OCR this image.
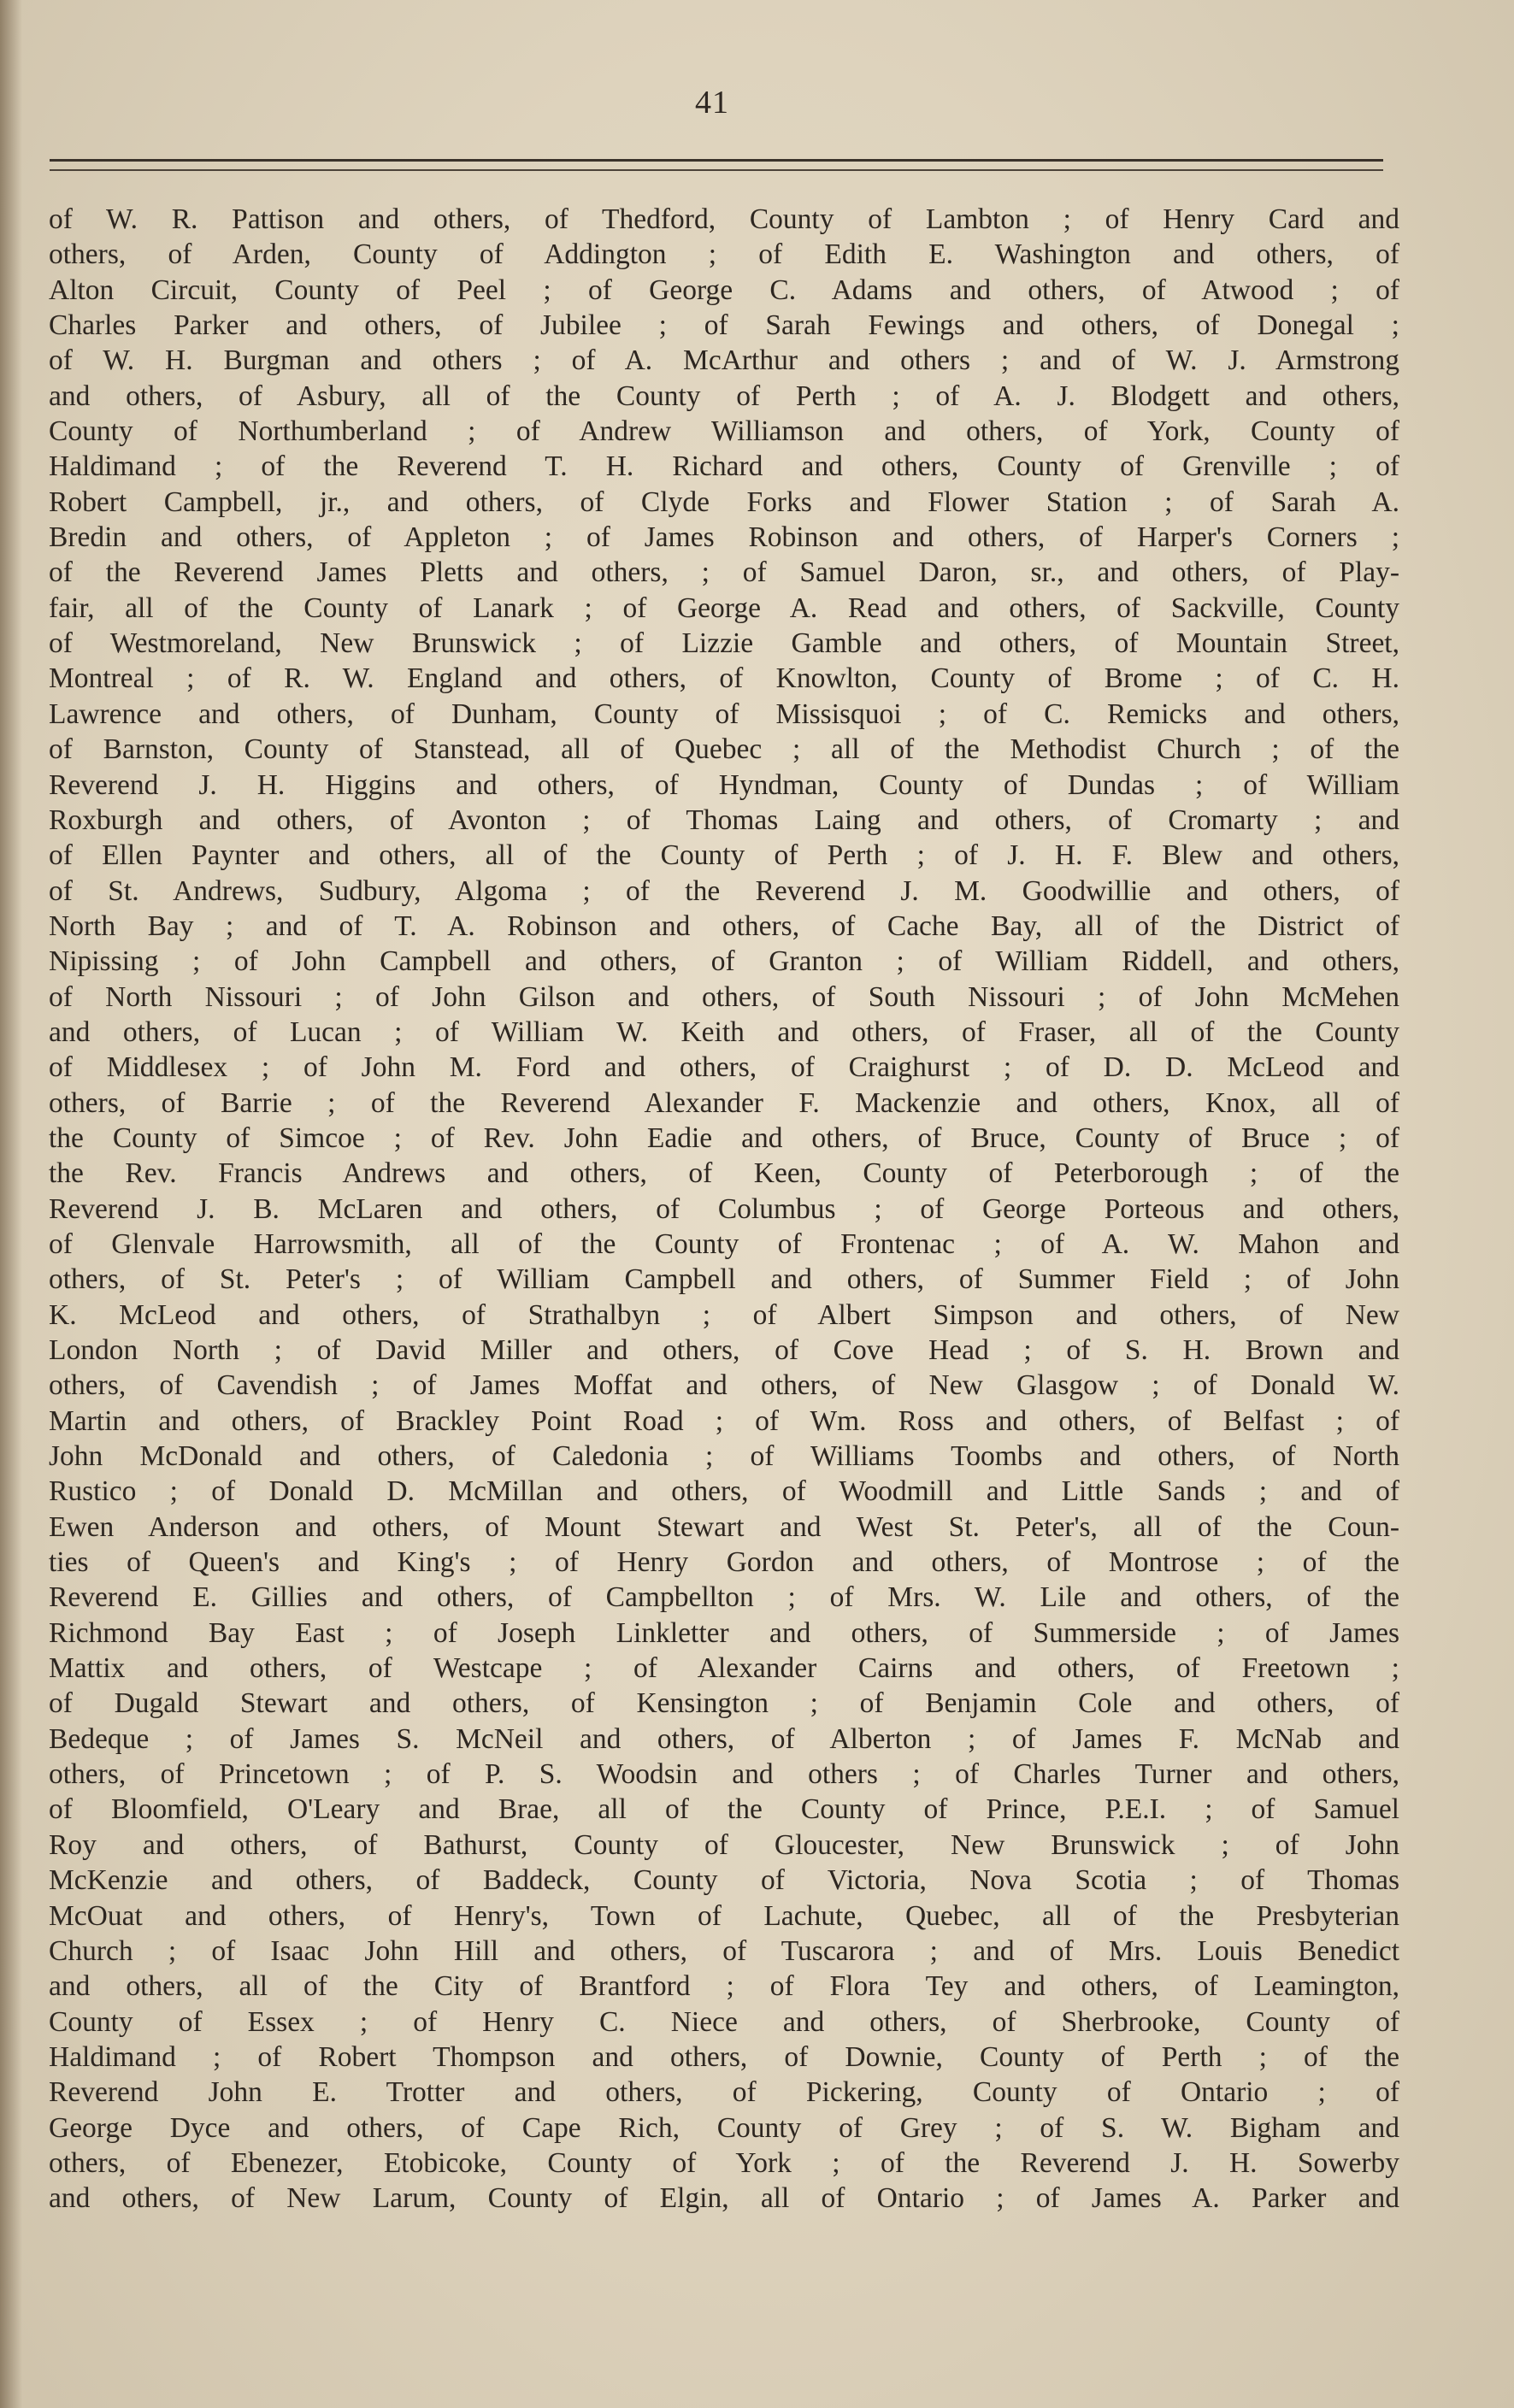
41
of W. R. Pattison and others, of Thedford, County of Lambton ; of Henry Card and
others, of Arden, County of Addington ; of Edith E. Washington and others, of
Alton Circuit, County of Peel ; of George C. Adams and others, of Atwood ; of
Charles Parker and others, of Jubilee ; of Sarah Fewings and others, of Donegal ;
of W. H. Burgman and others ; of A. McArthur and others ; and of W. J. Armstrong
and others, of Asbury, all of the County of Perth ; of A. J. Blodgett and others,
County of Northumberland ; of Andrew Williamson and others, of York, County of
Haldimand ; of the Reverend T. H. Richard and others, County of Grenville ; of
Robert Campbell, jr., and others, of Clyde Forks and Flower Station ; of Sarah A.
Bredin and others, of Appleton ; of James Robinson and others, of Harper's Corners ;
of the Reverend James Pletts and others, ; of Samuel Daron, sr., and others, of Play-
fair, all of the County of Lanark ; of George A. Read and others, of Sackville, County
of Westmoreland, New Brunswick ; of Lizzie Gamble and others, of Mountain Street,
Montreal ; of R. W. England and others, of Knowlton, County of Brome ; of C. H.
Lawrence and others, of Dunham, County of Missisquoi ; of C. Remicks and others,
of Barnston, County of Stanstead, all of Quebec ; all of the Methodist Church ; of the
Reverend J. H. Higgins and others, of Hyndman, County of Dundas ; of William
Roxburgh and others, of Avonton ; of Thomas Laing and others, of Cromarty ; and
of Ellen Paynter and others, all of the County of Perth ; of J. H. F. Blew and others,
of St. Andrews, Sudbury, Algoma ; of the Reverend J. M. Goodwillie and others, of
North Bay ; and of T. A. Robinson and others, of Cache Bay, all of the District of
Nipissing ; of John Campbell and others, of Granton ; of William Riddell, and others,
of North Nissouri ; of John Gilson and others, of South Nissouri ; of John McMehen
and others, of Lucan ; of William W. Keith and others, of Fraser, all of the County
of Middlesex ; of John M. Ford and others, of Craighurst ; of D. D. McLeod and
others, of Barrie ; of the Reverend Alexander F. Mackenzie and others, Knox, all of
the County of Simcoe ; of Rev. John Eadie and others, of Bruce, County of Bruce ; of
the Rev. Francis Andrews and others, of Keen, County of Peterborough ; of the
Reverend J. B. McLaren and others, of Columbus ; of George Porteous and others,
of Glenvale Harrowsmith, all of the County of Frontenac ; of A. W. Mahon and
others, of St. Peter's ; of William Campbell and others, of Summer Field ; of John
K. McLeod and others, of Strathalbyn ; of Albert Simpson and others, of New
London North ; of David Miller and others, of Cove Head ; of S. H. Brown and
others, of Cavendish ; of James Moffat and others, of New Glasgow ; of Donald W.
Martin and others, of Brackley Point Road ; of Wm. Ross and others, of Belfast ; of
John McDonald and others, of Caledonia ; of Williams Toombs and others, of North
Rustico ; of Donald D. McMillan and others, of Woodmill and Little Sands ; and of
Ewen Anderson and others, of Mount Stewart and West St. Peter's, all of the Coun-
ties of Queen's and King's ; of Henry Gordon and others, of Montrose ; of the
Reverend E. Gillies and others, of Campbellton ; of Mrs. W. Lile and others, of the
Richmond Bay East ; of Joseph Linkletter and others, of Summerside ; of James
Mattix and others, of Westcape ; of Alexander Cairns and others, of Freetown ;
of Dugald Stewart and others, of Kensington ; of Benjamin Cole and others, of
Bedeque ; of James S. McNeil and others, of Alberton ; of James F. McNab and
others, of Princetown ; of P. S. Woodsin and others ; of Charles Turner and others,
of Bloomfield, O'Leary and Brae, all of the County of Prince, P.E.I. ; of Samuel
Roy and others, of Bathurst, County of Gloucester, New Brunswick ; of John
McKenzie and others, of Baddeck, County of Victoria, Nova Scotia ; of Thomas
McOuat and others, of Henry's, Town of Lachute, Quebec, all of the Presbyterian
Church ; of Isaac John Hill and others, of Tuscarora ; and of Mrs. Louis Benedict
and others, all of the City of Brantford ; of Flora Tey and others, of Leamington,
County of Essex ; of Henry C. Niece and others, of Sherbrooke, County of
Haldimand ; of Robert Thompson and others, of Downie, County of Perth ; of the
Reverend John E. Trotter and others, of Pickering, County of Ontario ; of
George Dyce and others, of Cape Rich, County of Grey ; of S. W. Bigham and
others, of Ebenezer, Etobicoke, County of York ; of the Reverend J. H. Sowerby
and others, of New Larum, County of Elgin, all of Ontario ; of James A. Parker and
